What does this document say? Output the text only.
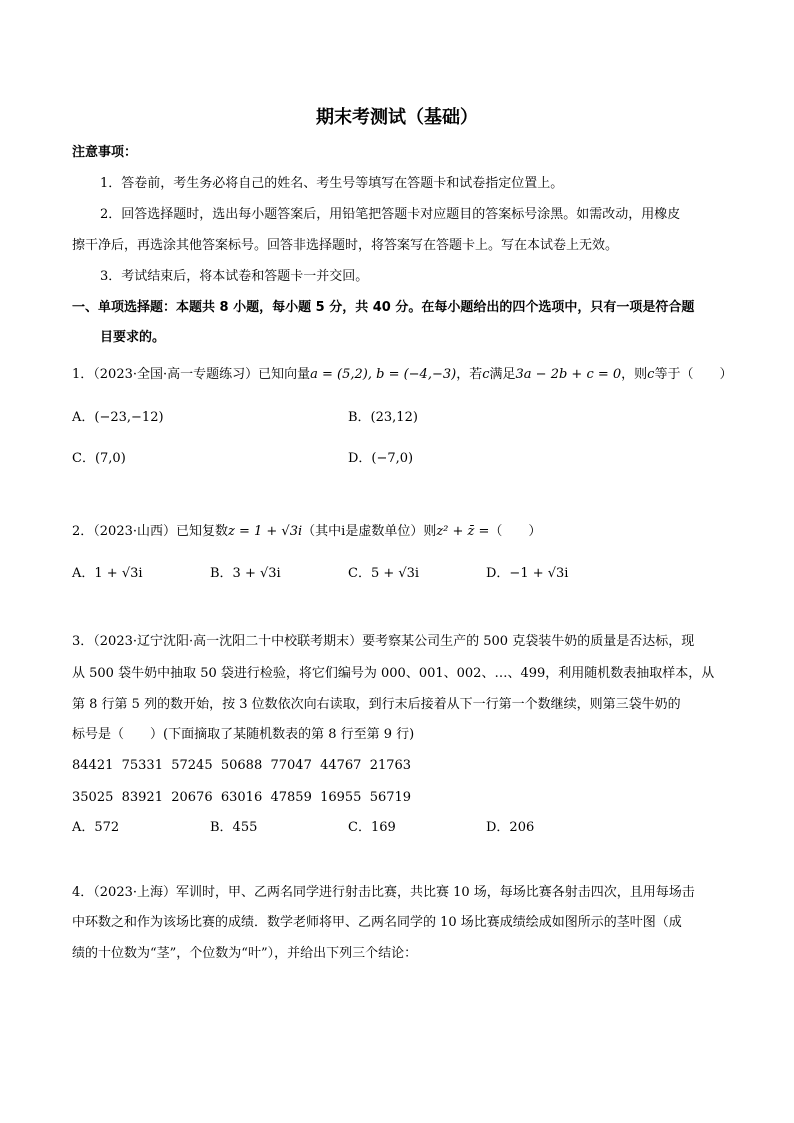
期末考测试（基础）
注意事项：
1．答卷前，考生务必将自己的姓名、考生号等填写在答题卡和试卷指定位置上。
2．回答选择题时，选出每小题答案后，用铅笔把答题卡对应题目的答案标号涂黑。如需改动，用橡皮
擦干净后，再选涂其他答案标号。回答非选择题时，将答案写在答题卡上。写在本试卷上无效。
3．考试结束后，将本试卷和答题卡一并交回。
一、单项选择题：本题共 8 小题，每小题 5 分，共 40 分。在每小题给出的四个选项中，只有一项是符合题
目要求的。
1．（2023·全国·高一专题练习）已知向量a = (5,2), b = (−4,−3)，若c满足3a − 2b + c = 0，则c等于（　　）
A．(−23,−12)	B．(23,12)
C．(7,0)	D．(−7,0)
2．（2023·山西）已知复数z = 1 + √3i（其中i是虚数单位）则z² + z̄ =（　　）
A．1 + √3i	B．3 + √3i	C．5 + √3i	D．−1 + √3i
3．（2023·辽宁沈阳·高一沈阳二十中校联考期末）要考察某公司生产的 500 克袋装牛奶的质量是否达标，现
从 500 袋牛奶中抽取 50 袋进行检验，将它们编号为 000、001、002、…、499，利用随机数表抽取样本，从
第 8 行第 5 列的数开始，按 3 位数依次向右读取，到行末后接着从下一行第一个数继续，则第三袋牛奶的
标号是（　　）(下面摘取了某随机数表的第 8 行至第 9 行)
84421  75331  57245  50688  77047  44767  21763
35025  83921  20676  63016  47859  16955  56719
A．572	B．455	C．169	D．206
4．（2023·上海）军训时，甲、乙两名同学进行射击比赛，共比赛 10 场，每场比赛各射击四次，且用每场击
中环数之和作为该场比赛的成绩．数学老师将甲、乙两名同学的 10 场比赛成绩绘成如图所示的茎叶图（成
绩的十位数为“茎”，个位数为“叶”），并给出下列三个结论：
